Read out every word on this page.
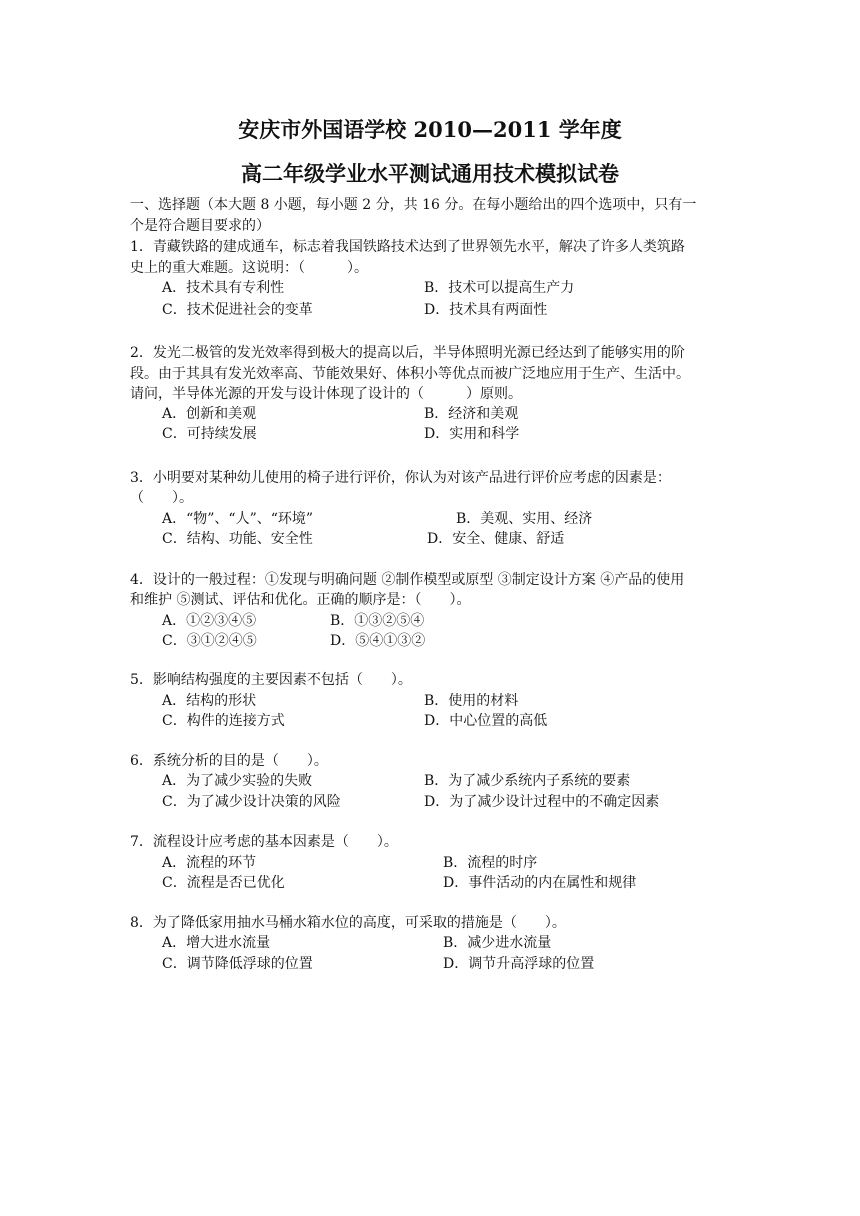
安庆市外国语学校 2010—2011 学年度
高二年级学业水平测试通用技术模拟试卷
一、选择题（本大题 8 小题，每小题 2 分，共 16 分。在每小题给出的四个选项中，只有一
个是符合题目要求的）
1．青藏铁路的建成通车，标志着我国铁路技术达到了世界领先水平，解决了许多人类筑路
史上的重大难题。这说明：（　　　）。
A．技术具有专利性	B．技术可以提高生产力
C．技术促进社会的变革	D．技术具有两面性
2．发光二极管的发光效率得到极大的提高以后，半导体照明光源已经达到了能够实用的阶
段。由于其具有发光效率高、节能效果好、体积小等优点而被广泛地应用于生产、生活中。
请问，半导体光源的开发与设计体现了设计的（　　　）原则。
A．创新和美观	B．经济和美观
C．可持续发展	D．实用和科学
3．小明要对某种幼儿使用的椅子进行评价，你认为对该产品进行评价应考虑的因素是：
（　　）。
A．“物”、“人”、“环境”	B．美观、实用、经济
C．结构、功能、安全性	D．安全、健康、舒适
4．设计的一般过程：①发现与明确问题 ②制作模型或原型 ③制定设计方案 ④产品的使用
和维护 ⑤测试、评估和优化。正确的顺序是：（　　）。
A．①②③④⑤	B．①③②⑤④
C．③①②④⑤	D．⑤④①③②
5．影响结构强度的主要因素不包括（　　）。
A．结构的形状	B．使用的材料
C．构件的连接方式	D．中心位置的高低
6．系统分析的目的是（　　）。
A．为了减少实验的失败	B．为了减少系统内子系统的要素
C．为了减少设计决策的风险	D．为了减少设计过程中的不确定因素
7．流程设计应考虑的基本因素是（　　）。
A．流程的环节	B．流程的时序
C．流程是否已优化	D．事件活动的内在属性和规律
8．为了降低家用抽水马桶水箱水位的高度，可采取的措施是（　　）。
A．增大进水流量	B．减少进水流量
C．调节降低浮球的位置	D．调节升高浮球的位置
